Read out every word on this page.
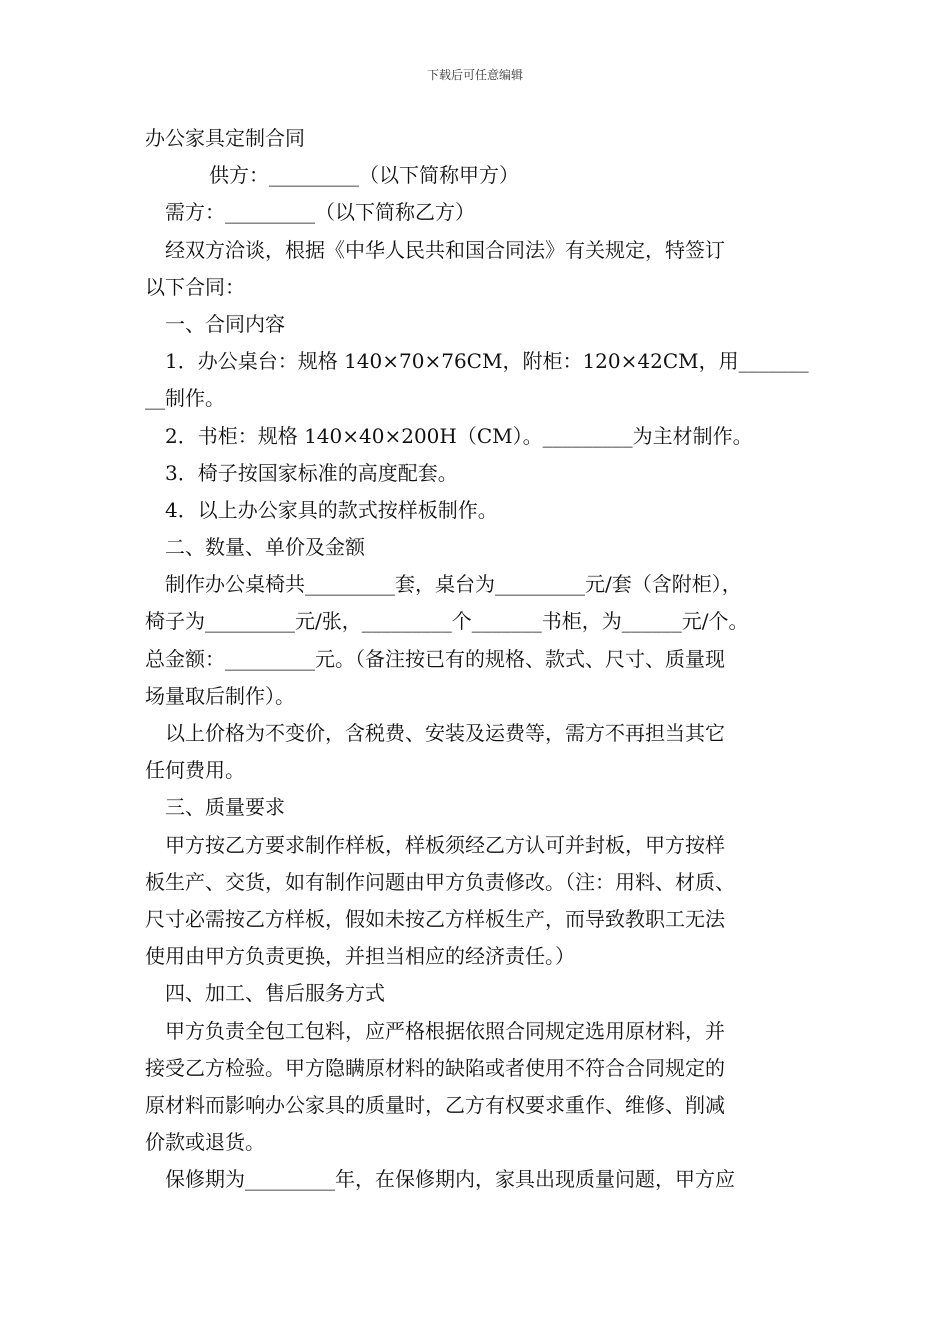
下载后可任意编辑
办公家具定制合同
供方：_________（以下简称甲方）
需方：_________（以下简称乙方）
经双方洽谈，根据《中华人民共和国合同法》有关规定，特签订
以下合同：
一、合同内容
1．办公桌台：规格 140×70×76CM，附柜：120×42CM，用_______
__制作。
2．书柜：规格 140×40×200H（CM）。_________为主材制作。
3．椅子按国家标准的高度配套。
4．以上办公家具的款式按样板制作。
二、数量、单价及金额
制作办公桌椅共_________套，桌台为_________元/套（含附柜），
椅子为_________元/张，_________个_______书柜，为______元/个。
总金额：_________元。（备注按已有的规格、款式、尺寸、质量现
场量取后制作）。
以上价格为不变价，含税费、安装及运费等，需方不再担当其它
任何费用。
三、质量要求
甲方按乙方要求制作样板，样板须经乙方认可并封板，甲方按样
板生产、交货，如有制作问题由甲方负责修改。（注：用料、材质、
尺寸必需按乙方样板，假如未按乙方样板生产，而导致教职工无法
使用由甲方负责更换，并担当相应的经济责任。）
四、加工、售后服务方式
甲方负责全包工包料，应严格根据依照合同规定选用原材料，并
接受乙方检验。甲方隐瞒原材料的缺陷或者使用不符合合同规定的
原材料而影响办公家具的质量时，乙方有权要求重作、维修、削减
价款或退货。
保修期为_________年，在保修期内，家具出现质量问题，甲方应
